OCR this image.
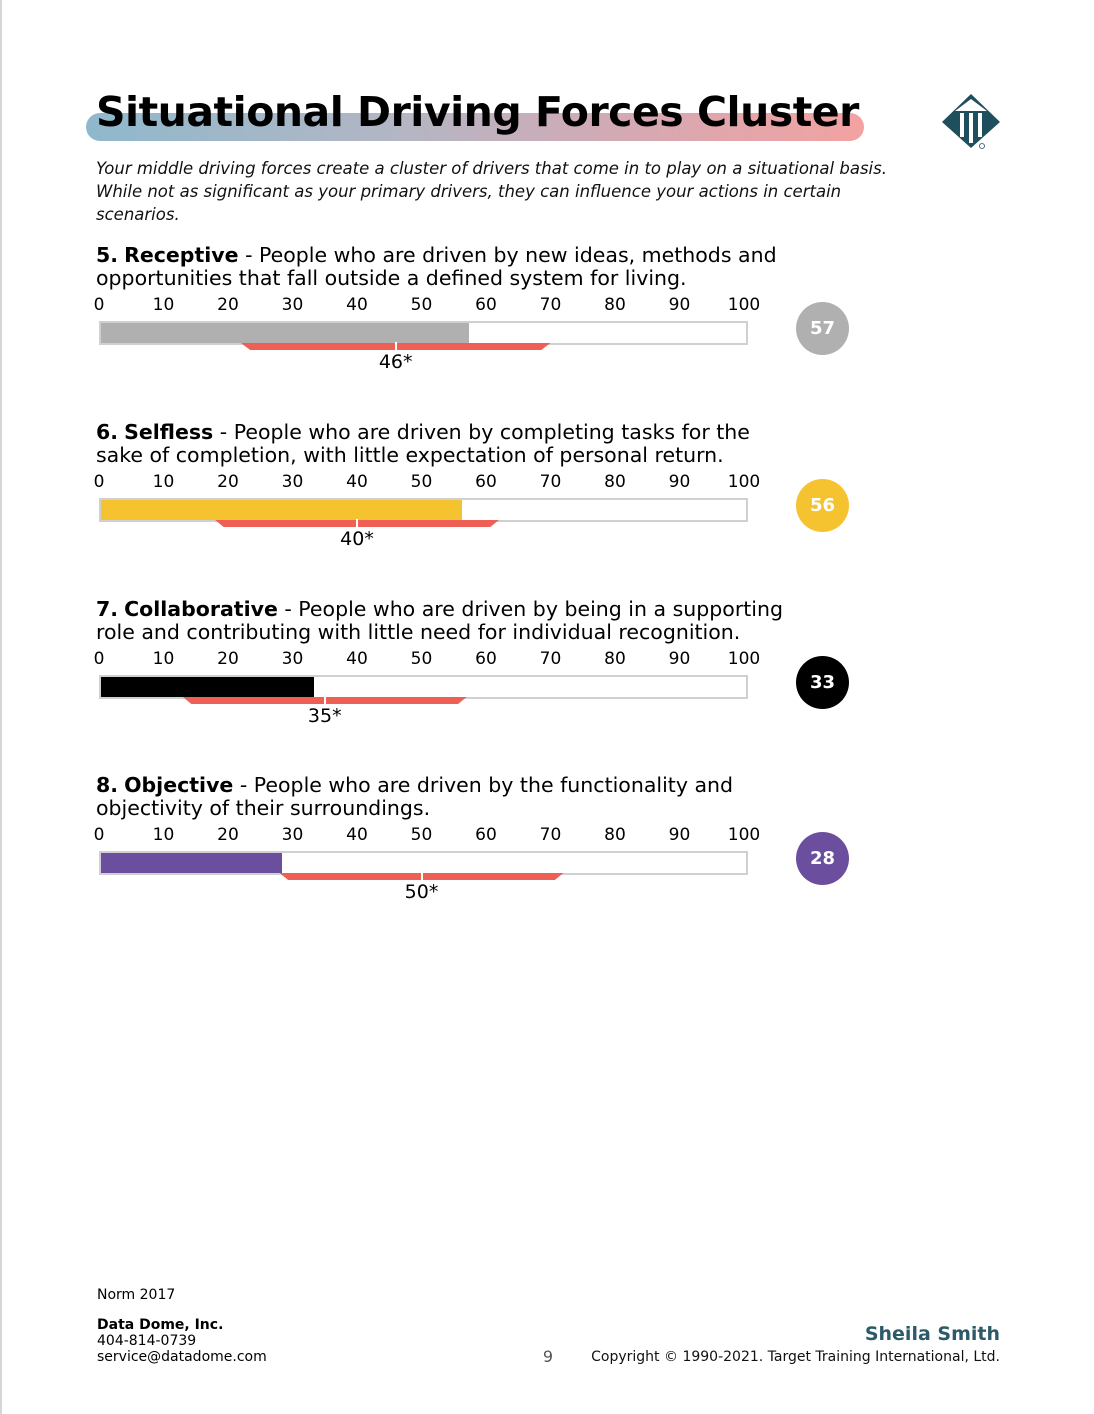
Situational Driving Forces Cluster

Your middle driving forces create a cluster of drivers that come in to play on a situational basis. While not as significant as your primary drivers, they can influence your actions in certain scenarios.

5. Receptive - People who are driven by new ideas, methods and opportunities that fall outside a defined system for living.

0	10	20	30	40	50	60	70	80	90	100
46*
57

6. Selfless - People who are driven by completing tasks for the sake of completion, with little expectation of personal return.

0	10	20	30	40	50	60	70	80	90	100
40*
56

7. Collaborative - People who are driven by being in a supporting role and contributing with little need for individual recognition.

0	10	20	30	40	50	60	70	80	90	100
35*
33

8. Objective - People who are driven by the functionality and objectivity of their surroundings.

0	10	20	30	40	50	60	70	80	90	100
50*
28

Norm 2017

Data Dome, Inc.

404-814-0739

service@datadome.com	9

Sheila Smith

Copyright © 1990-2021. Target Training International, Ltd.
